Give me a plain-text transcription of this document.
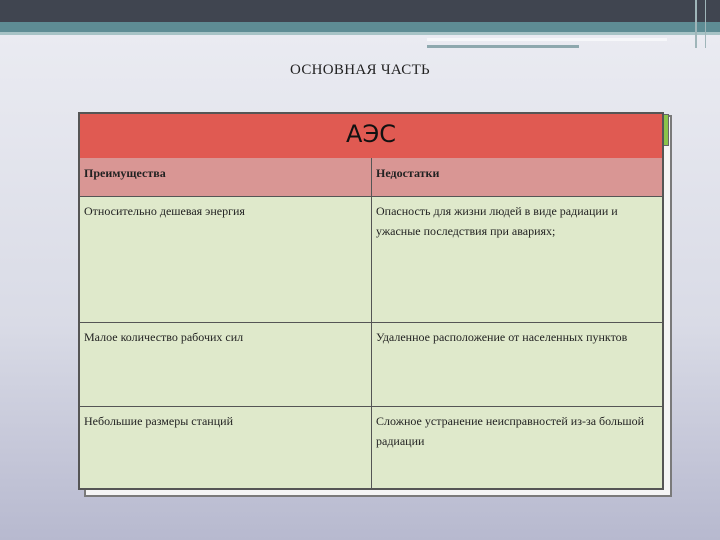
ОСНОВНАЯ ЧАСТЬ
АЭС
Преимущества	Недостатки
Относительно дешевая энергия	Опасность для жизни людей в виде радиации и ужасные последствия при авариях;
Малое количество рабочих сил	Удаленное расположение от населенных пунктов
Небольшие размеры станций	Сложное устранение неисправностей из-за большой радиации
